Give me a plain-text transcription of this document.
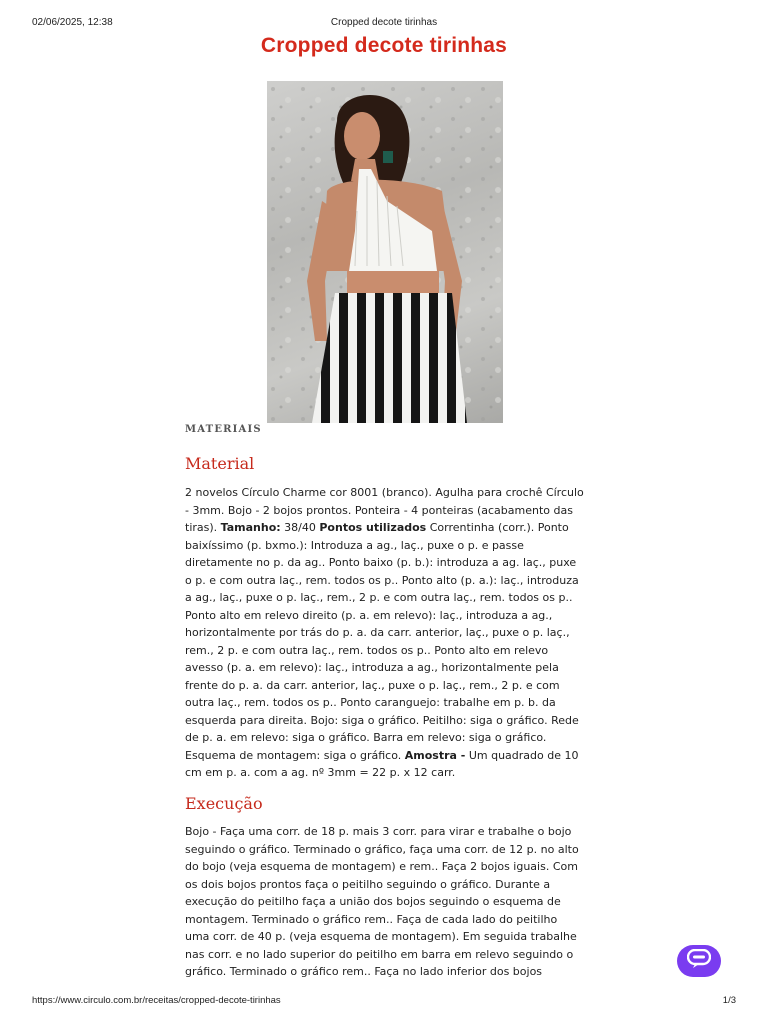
02/06/2025, 12:38	Cropped decote tirinhas
Cropped decote tirinhas
MATERIAIS
Material
2 novelos Círculo Charme cor 8001 (branco). Agulha para crochê Círculo - 3mm. Bojo - 2 bojos prontos. Ponteira - 4 ponteiras (acabamento das tiras). Tamanho: 38/40 Pontos utilizados Correntinha (corr.). Ponto baixíssimo (p. bxmo.): Introduza a ag., laç., puxe o p. e passe diretamente no p. da ag.. Ponto baixo (p. b.): introduza a ag. laç., puxe o p. e com outra laç., rem. todos os p.. Ponto alto (p. a.): laç., introduza a ag., laç., puxe o p. laç., rem., 2 p. e com outra laç., rem. todos os p.. Ponto alto em relevo direito (p. a. em relevo): laç., introduza a ag., horizontalmente por trás do p. a. da carr. anterior, laç., puxe o p. laç., rem., 2 p. e com outra laç., rem. todos os p.. Ponto alto em relevo avesso (p. a. em relevo): laç., introduza a ag., horizontalmente pela frente do p. a. da carr. anterior, laç., puxe o p. laç., rem., 2 p. e com outra laç., rem. todos os p.. Ponto caranguejo: trabalhe em p. b. da esquerda para direita. Bojo: siga o gráfico. Peitilho: siga o gráfico. Rede de p. a. em relevo: siga o gráfico. Barra em relevo: siga o gráfico. Esquema de montagem: siga o gráfico. Amostra - Um quadrado de 10 cm em p. a. com a ag. nº 3mm = 22 p. x 12 carr.
Execução
Bojo - Faça uma corr. de 18 p. mais 3 corr. para virar e trabalhe o bojo seguindo o gráfico. Terminado o gráfico, faça uma corr. de 12 p. no alto do bojo (veja esquema de montagem) e rem.. Faça 2 bojos iguais. Com os dois bojos prontos faça o peitilho seguindo o gráfico. Durante a execução do peitilho faça a união dos bojos seguindo o esquema de montagem. Terminado o gráfico rem.. Faça de cada lado do peitilho uma corr. de 40 p. (veja esquema de montagem). Em seguida trabalhe nas corr. e no lado superior do peitilho em barra em relevo seguindo o gráfico. Terminado o gráfico rem.. Faça no lado inferior dos bojos
https://www.circulo.com.br/receitas/cropped-decote-tirinhas	1/3
